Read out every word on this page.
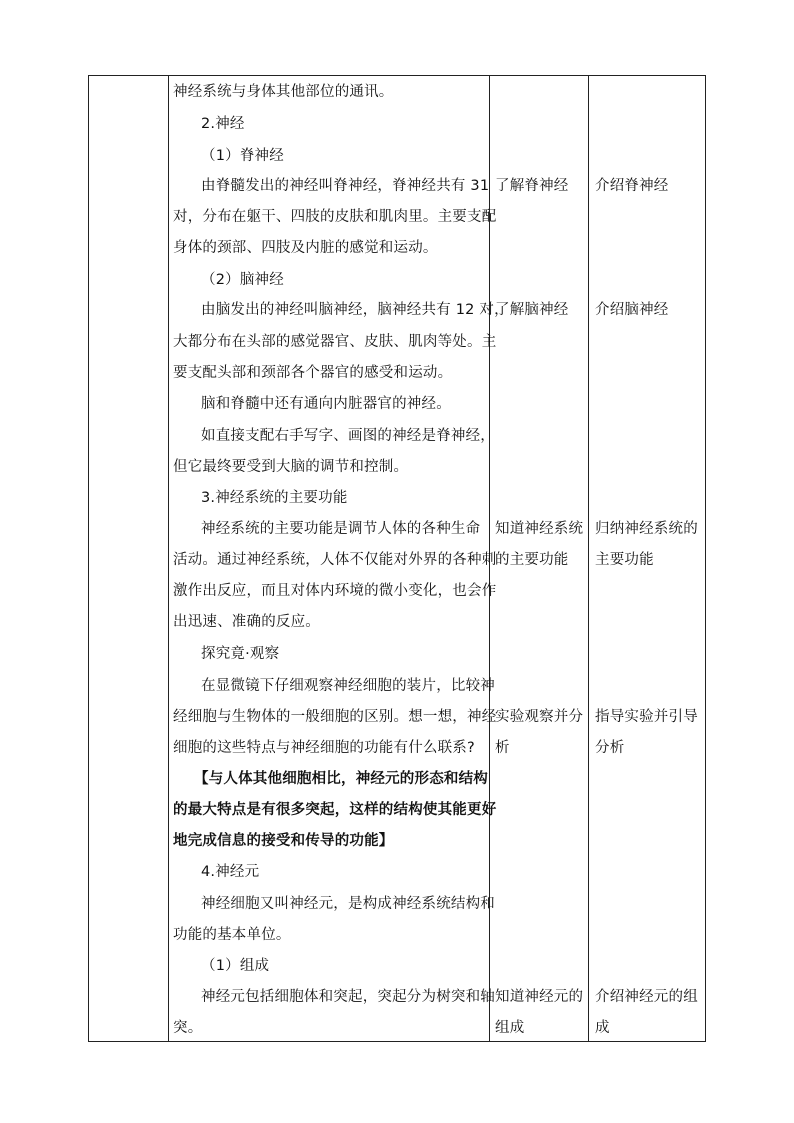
神经系统与身体其他部位的通讯。
2.神经
（1）脊神经
由脊髓发出的神经叫脊神经，脊神经共有 31
对，分布在躯干、四肢的皮肤和肌肉里。主要支配
身体的颈部、四肢及内脏的感觉和运动。
（2）脑神经
由脑发出的神经叫脑神经，脑神经共有 12 对，
大都分布在头部的感觉器官、皮肤、肌肉等处。主
要支配头部和颈部各个器官的感受和运动。
脑和脊髓中还有通向内脏器官的神经。
如直接支配右手写字、画图的神经是脊神经，
但它最终要受到大脑的调节和控制。
3.神经系统的主要功能
神经系统的主要功能是调节人体的各种生命
活动。通过神经系统，人体不仅能对外界的各种刺
激作出反应，而且对体内环境的微小变化，也会作
出迅速、准确的反应。
探究竟·观察
在显微镜下仔细观察神经细胞的装片，比较神
经细胞与生物体的一般细胞的区别。想一想，神经
细胞的这些特点与神经细胞的功能有什么联系?
【与人体其他细胞相比，神经元的形态和结构
的最大特点是有很多突起，这样的结构使其能更好
地完成信息的接受和传导的功能】
4.神经元
神经细胞又叫神经元，是构成神经系统结构和
功能的基本单位。
（1）组成
神经元包括细胞体和突起，突起分为树突和轴
突。
了解脊神经
了解脑神经
知道神经系统
的主要功能
实验观察并分
析
知道神经元的
组成
介绍脊神经
介绍脑神经
归纳神经系统的
主要功能
指导实验并引导
分析
介绍神经元的组
成
